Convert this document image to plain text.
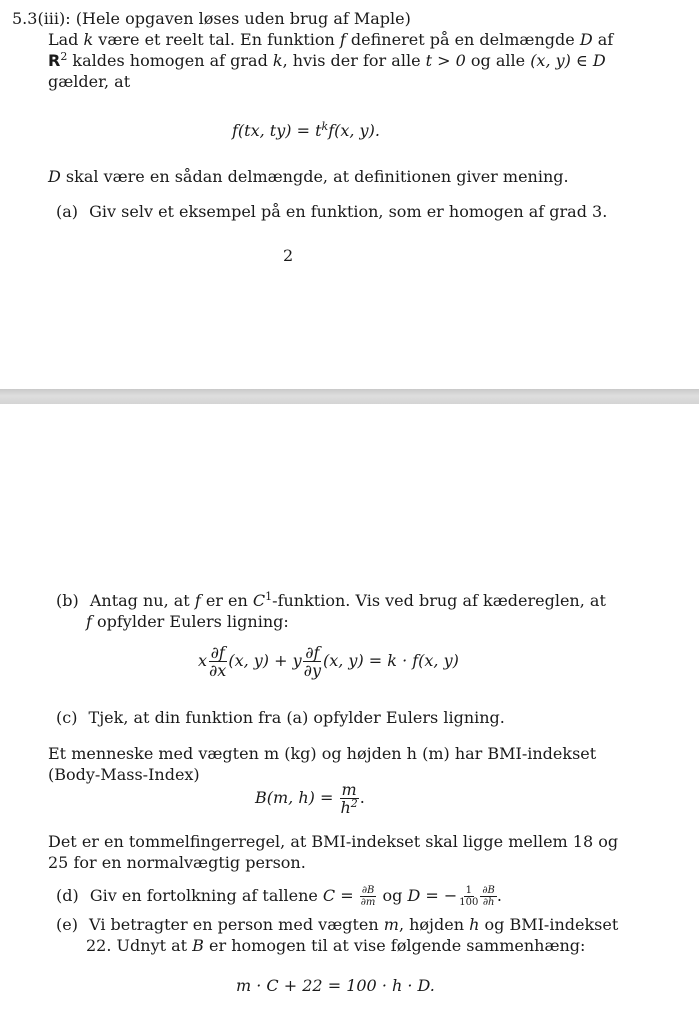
5.3(iii): (Hele opgaven løses uden brug af Maple)
Lad k være et reelt tal. En funktion f defineret på en delmængde D af
$R^2$ kaldes homogen af grad k, hvis der for alle t > 0 og alle (x, y) ∈ D
gælder, at
f(tx, $ty) = t^kf(x$, y).
D skal være en sådan delmængde, at definitionen giver mening.
(a) Giv selv et eksempel på en funktion, som er homogen af grad 3.
2
(b) Antag nu, at f er en $C^1$-funktion. Vis ved brug af kædereglen, at
f opfylder Eulers ligning:
x $\frac{\partial f}{\partial x} (x$, y) + y $\frac{\partial f}{\partial y} (x$, y) = k · f(x, y)
(c) Tjek, at din funktion fra (a) opfylder Eulers ligning.
Et menneske med vægten m (kg) og højden h (m) har BMI-indekset
(Body-Mass-Index)
B(m, $h) = \frac{m}{h^2}$ .
Det er en tommelfingerregel, at BMI-indekset skal ligge mellem 18 og
25 for en normalvægtig person.
(d) Giv en fortolkning af tallene $C = \frac{\partial B}{\partial m}$ og D = − $\frac{1}{100} \frac{\partial B}{\partial h}$ .
(e) Vi betragter en person med vægten m, højden h og BMI-indekset
22. Udnyt at B er homogen til at vise følgende sammenhæng:
m · C + 22 = 100 · h · D.
